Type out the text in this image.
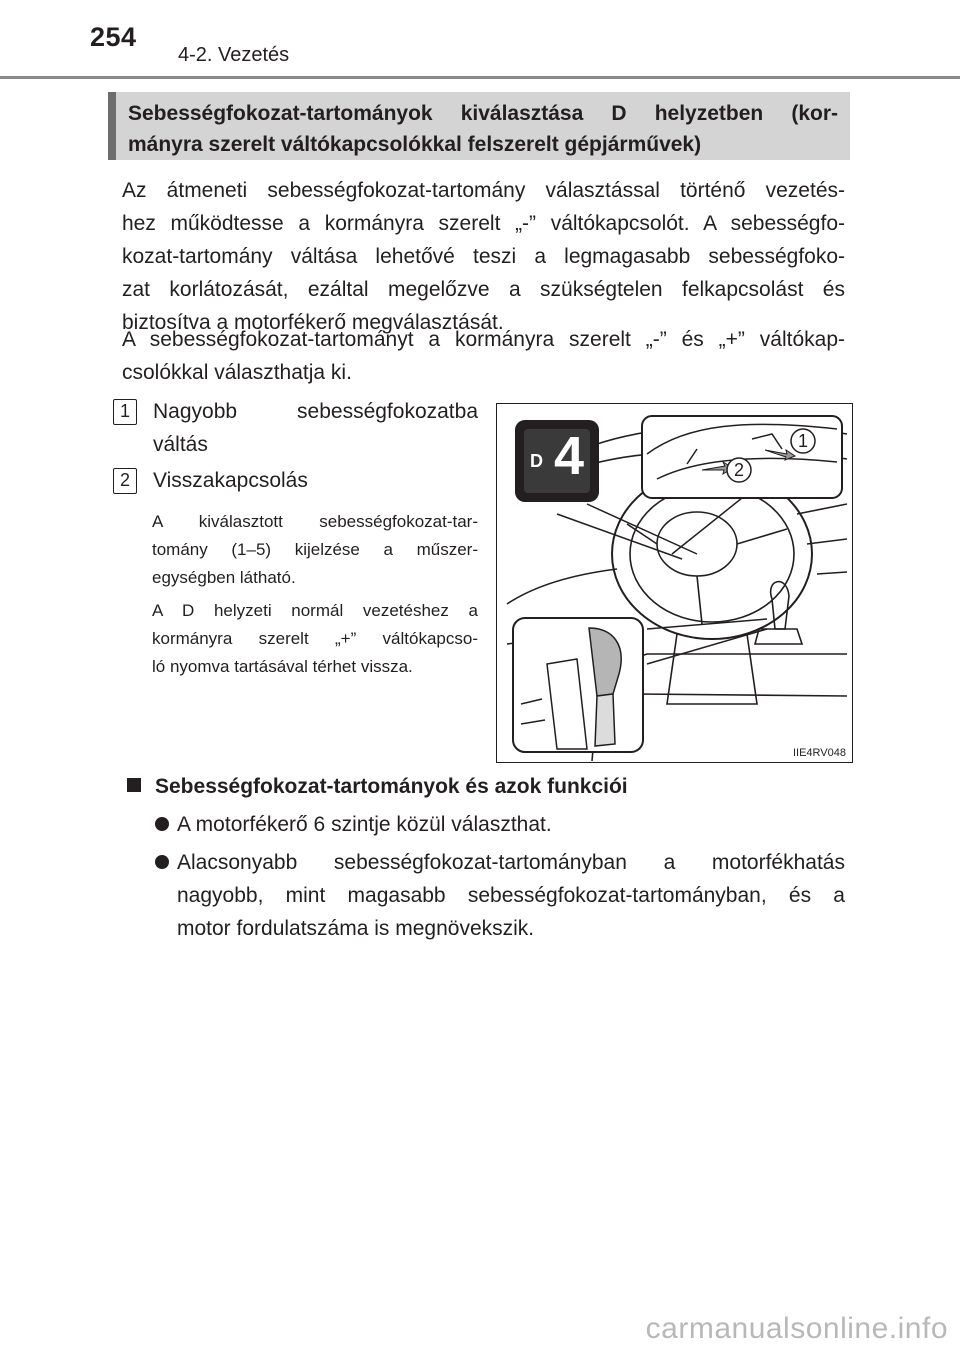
254
4-2. Vezetés
Sebességfokozat-tartományok kiválasztása D helyzetben (kor-
mányra szerelt váltókapcsolókkal felszerelt gépjárművek)
Az átmeneti sebességfokozat-tartomány választással történő vezetés-
hez működtesse a kormányra szerelt „-” váltókapcsolót. A sebességfo-
kozat-tartomány váltása lehetővé teszi a legmagasabb sebességfoko-
zat korlátozását, ezáltal megelőzve a szükségtelen felkapcsolást és
biztosítva a motorfékerő megválasztását.
A sebességfokozat-tartományt a kormányra szerelt „-” és „+” váltókap-
csolókkal választhatja ki.
1	Nagyobb sebességfokozatba
váltás
2	Visszakapcsolás
A kiválasztott sebességfokozat-tar-
tomány (1–5) kijelzése a műszer-
egységben látható.
A D helyzeti normál vezetéshez a
kormányra szerelt „+” váltókapcso-
ló nyomva tartásával térhet vissza.
D 4	1
2
IIE4RV048
Sebességfokozat-tartományok és azok funkciói
A motorfékerő 6 szintje közül választhat.
Alacsonyabb sebességfokozat-tartományban a motorfékhatás
nagyobb, mint magasabb sebességfokozat-tartományban, és a
motor fordulatszáma is megnövekszik.
carmanualsonline.info
